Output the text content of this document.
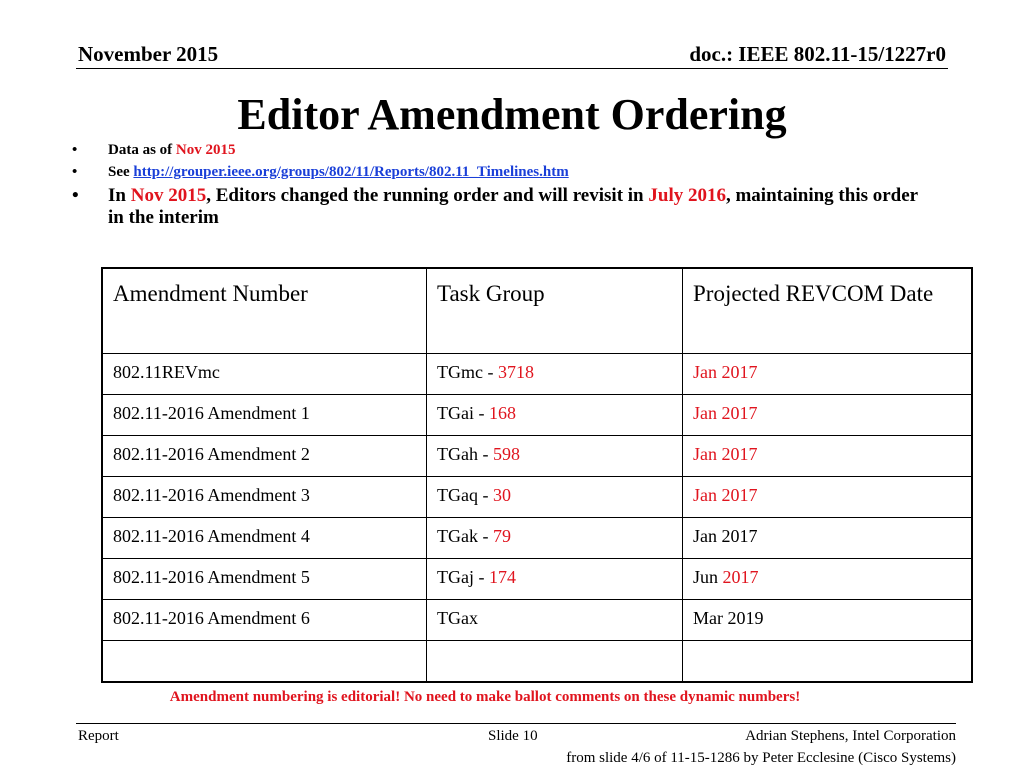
November 2015	doc.: IEEE 802.11-15/1227r0
Editor Amendment Ordering
• Data as of Nov 2015
• See http://grouper.ieee.org/groups/802/11/Reports/802.11_Timelines.htm
• In Nov 2015, Editors changed the running order and will revisit in July 2016, maintaining this order in the interim
Amendment Number	Task Group	Projected REVCOM Date
802.11REVmc	TGmc - 3718	Jan 2017
802.11-2016 Amendment 1	TGai - 168	Jan 2017
802.11-2016 Amendment 2	TGah - 598	Jan 2017
802.11-2016 Amendment 3	TGaq - 30	Jan 2017
802.11-2016 Amendment 4	TGak - 79	Jan 2017
802.11-2016 Amendment 5	TGaj - 174	Jun 2017
802.11-2016 Amendment 6	TGax	Mar 2019

Amendment numbering is editorial! No need to make ballot comments on these dynamic numbers!
Report	Slide 10	Adrian Stephens, Intel Corporation
from slide 4/6 of 11-15-1286 by Peter Ecclesine (Cisco Systems)
